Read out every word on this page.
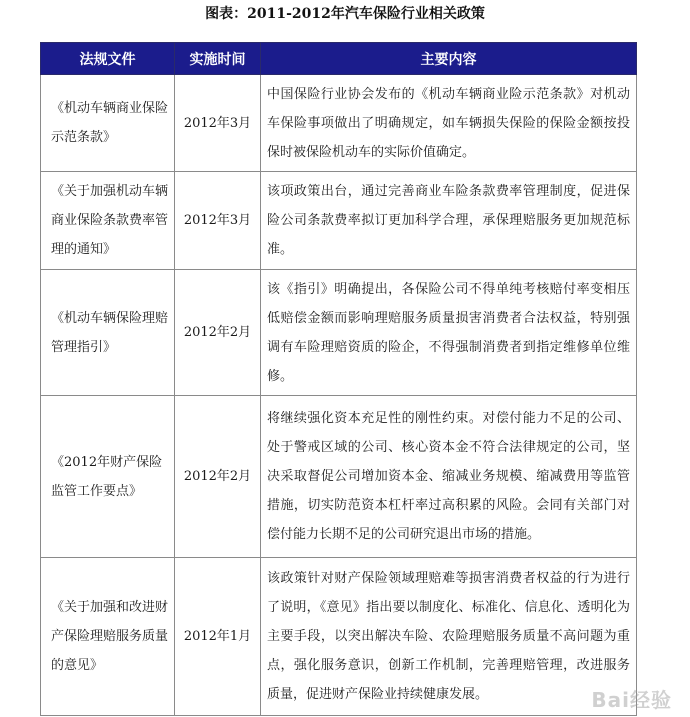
图表：2011-2012年汽车保险行业相关政策
法规文件	实施时间	主要内容
《机动车辆商业保险示范条款》	2012年3月	中国保险行业协会发布的《机动车辆商业险示范条款》对机动车保险事项做出了明确规定，如车辆损失保险的保险金额按投保时被保险机动车的实际价值确定。
《关于加强机动车辆商业保险条款费率管理的通知》	2012年3月	该项政策出台，通过完善商业车险条款费率管理制度，促进保险公司条款费率拟订更加科学合理，承保理赔服务更加规范标准。
《机动车辆保险理赔管理指引》	2012年2月	该《指引》明确提出，各保险公司不得单纯考核赔付率变相压低赔偿金额而影响理赔服务质量损害消费者合法权益，特别强调有车险理赔资质的险企，不得强制消费者到指定维修单位维修。
《2012年财产保险监管工作要点》	2012年2月	将继续强化资本充足性的刚性约束。对偿付能力不足的公司、处于警戒区域的公司、核心资本金不符合法律规定的公司，坚决采取督促公司增加资本金、缩减业务规模、缩减费用等监管措施，切实防范资本杠杆率过高积累的风险。会同有关部门对偿付能力长期不足的公司研究退出市场的措施。
《关于加强和改进财产保险理赔服务质量的意见》	2012年1月	该政策针对财产保险领域理赔难等损害消费者权益的行为进行了说明，《意见》指出要以制度化、标准化、信息化、透明化为主要手段，以突出解决车险、农险理赔服务质量不高问题为重点，强化服务意识，创新工作机制，完善理赔管理，改进服务质量，促进财产保险业持续健康发展。	Bai经验
